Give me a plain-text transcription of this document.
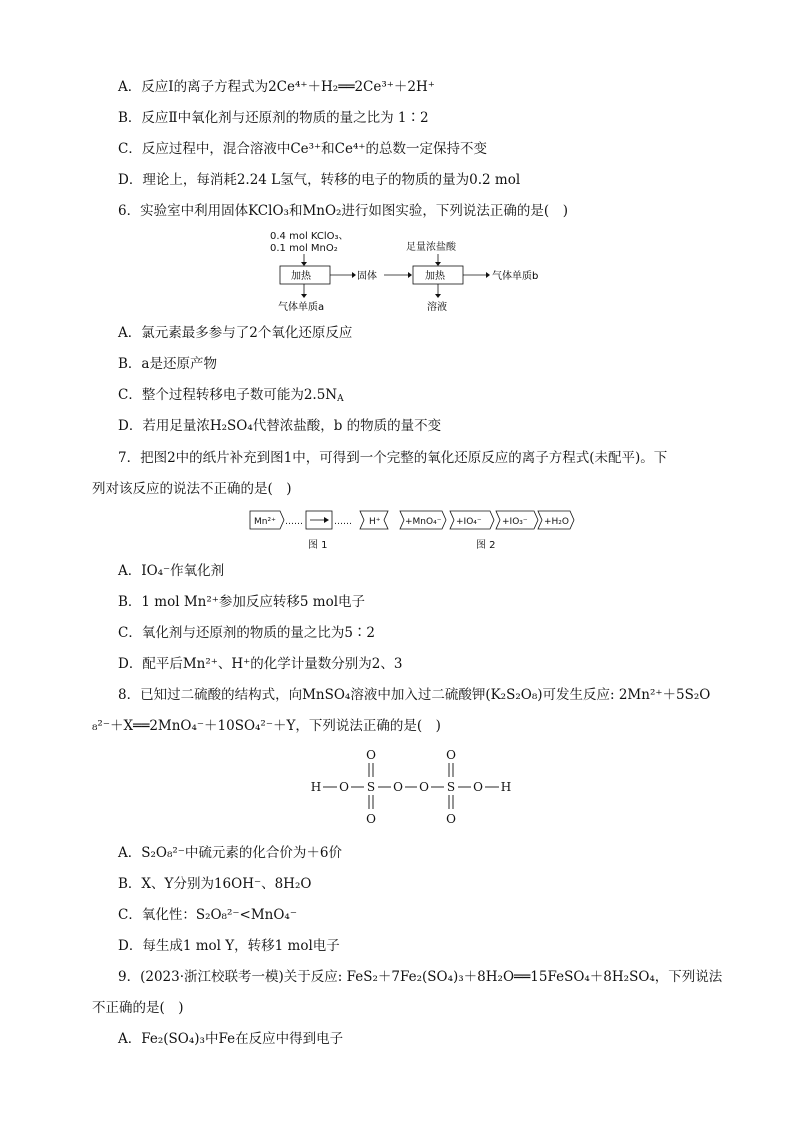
A．反应Ⅰ的离子方程式为2Ce⁴⁺＋H₂══2Ce³⁺＋2H⁺
B．反应Ⅱ中氧化剂与还原剂的物质的量之比为 1∶2
C．反应过程中，混合溶液中Ce³⁺和Ce⁴⁺的总数一定保持不变
D．理论上，每消耗2.24 L氢气，转移的电子的物质的量为0.2 mol
6．实验室中利用固体KClO₃和MnO₂进行如图实验，下列说法正确的是(　)
0.4 mol KClO₃、
0.1 mol MnO₂	足量浓盐酸
加热	固体	加热	气体单质b
气体单质a	溶液
A．氯元素最多参与了2个氧化还原反应
B．a是还原产物
C．整个过程转移电子数可能为$2.5N_A$
D．若用足量浓H₂SO₄代替浓盐酸，b 的物质的量不变
7．把图2中的纸片补充到图1中，可得到一个完整的氧化还原反应的离子方程式(未配平)。下
列对该反应的说法不正确的是(　)
Mn²⁺ ……	…… H⁺	+MnO₄⁻ +IO₄⁻ +IO₃⁻ +H₂O
图 1	图 2
A．IO₄⁻作氧化剂
B．1 mol Mn²⁺参加反应转移5 mol电子
C．氧化剂与还原剂的物质的量之比为5∶2
D．配平后Mn²⁺、H⁺的化学计量数分别为2、3
8．已知过二硫酸的结构式，向MnSO₄溶液中加入过二硫酸钾(K₂S₂O₈)可发生反应: 2Mn²⁺＋5S₂O
₈²⁻＋X══2MnO₄⁻＋10SO₄²⁻＋Y，下列说法正确的是(　)
H O S
O
O
O O S
O
O
O H
A．S₂O₈²⁻中硫元素的化合价为＋6价
B．X、Y分别为16OH⁻、8H₂O
C．氧化性：S₂O₈²⁻<MnO₄⁻
D．每生成1 mol Y，转移1 mol电子
9．(2023·浙江校联考一模)关于反应: FeS₂＋7Fe₂(SO₄)₃＋8H₂O══15FeSO₄＋8H₂SO₄，下列说法
不正确的是(　)
A．Fe₂(SO₄)₃中Fe在反应中得到电子
